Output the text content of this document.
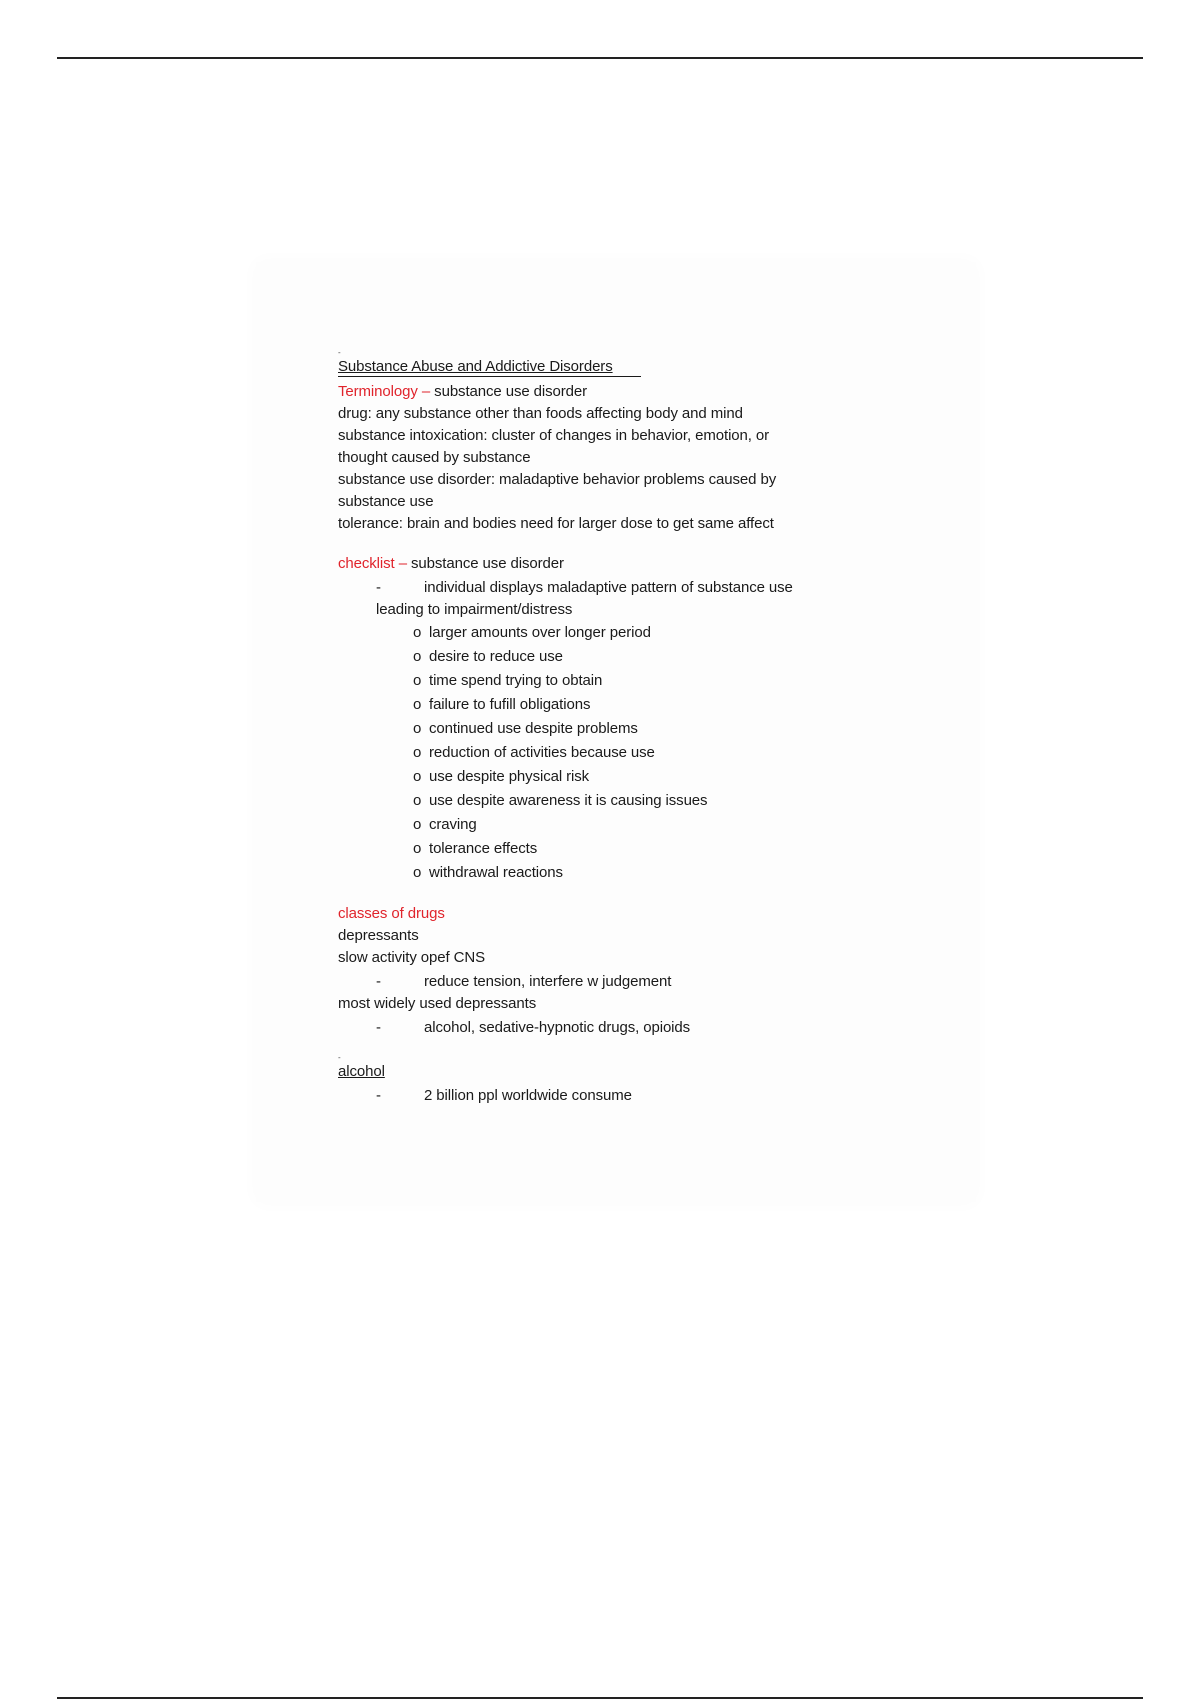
-
Substance Abuse and Addictive Disorders
Terminology – substance use disorder
drug: any substance other than foods affecting body and mind
substance intoxication: cluster of changes in behavior, emotion, or
thought caused by substance
substance use disorder: maladaptive behavior problems caused by
substance use
tolerance: brain and bodies need for larger dose to get same affect
checklist – substance use disorder
-	individual displays maladaptive pattern of substance use
leading to impairment/distress
o larger amounts over longer period
o desire to reduce use
o time spend trying to obtain
o failure to fufill obligations
o continued use despite problems
o reduction of activities because use
o use despite physical risk
o use despite awareness it is causing issues
o craving
o tolerance effects
o withdrawal reactions
classes of drugs
depressants
slow activity opef CNS
-	reduce tension, interfere w judgement
most widely used depressants
-	alcohol, sedative-hypnotic drugs, opioids
-
alcohol
-	2 billion ppl worldwide consume
